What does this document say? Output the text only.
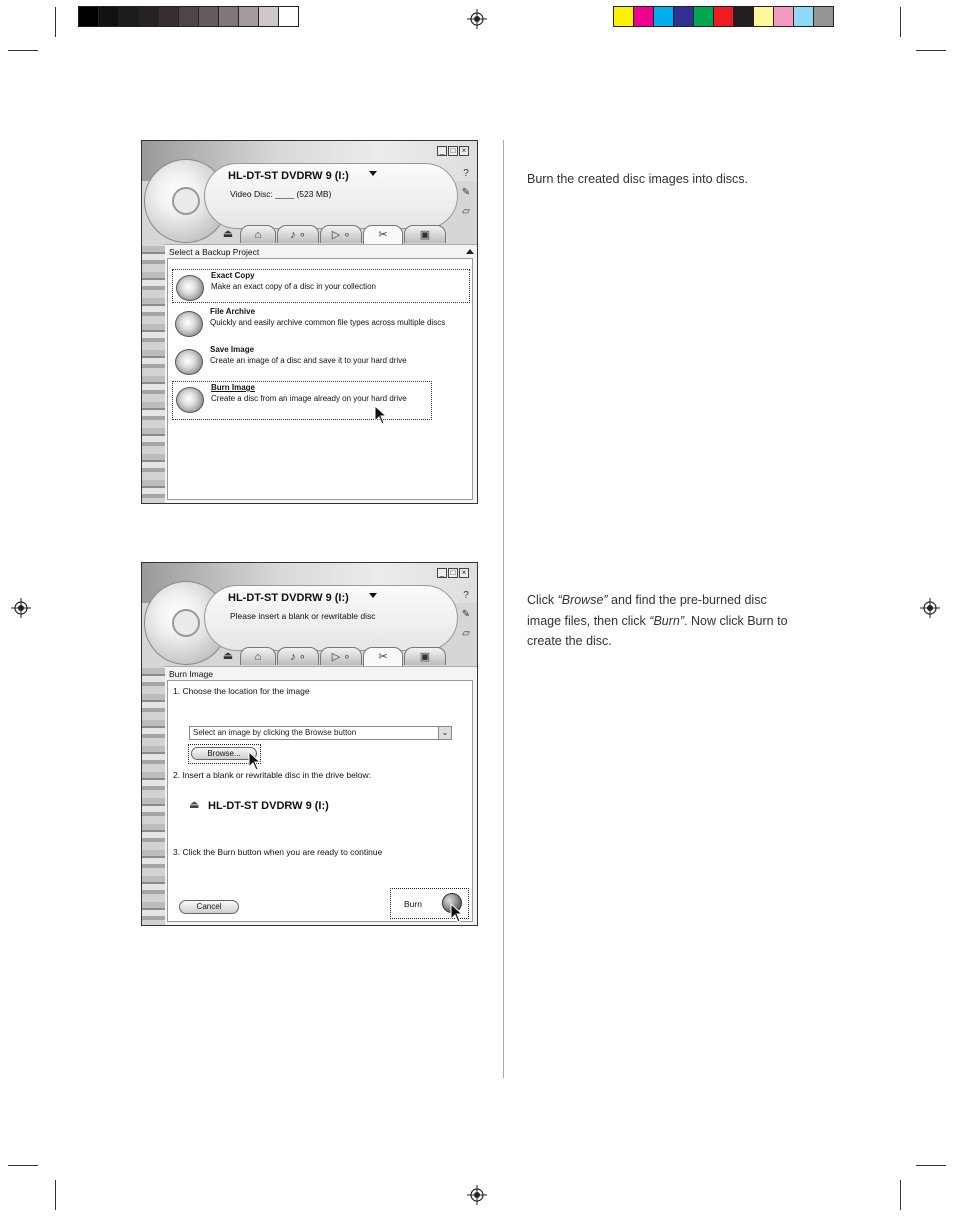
HL-DT-ST DVDRW 9 (I:)
Video Disc: ____ (523 MB)
_ □ ×
?
✎
▱
⏏	⌂	♪ ∘	▷ ∘	✂	▣
Select a Backup Project
Exact Copy
Make an exact copy of a disc in your collection
File Archive
Quickly and easily archive common file types across multiple discs
Save Image
Create an image of a disc and save it to your hard drive
Burn Image
Create a disc from an image already on your hard drive
HL-DT-ST DVDRW 9 (I:)
Please insert a blank or rewritable disc
_ □ ×
?
✎
▱
⏏	⌂	♪ ∘	▷ ∘	✂	▣
Burn Image
1. Choose the location for the image
Select an image by clicking the Browse button	⌄
Browse...
2. Insert a blank or rewritable disc in the drive below:
⏏ HL-DT-ST DVDRW 9 (I:)
3. Click the Burn button when you are ready to continue
Cancel	Burn
Burn the created disc images into discs.
Click “Browse” and find the pre-burned disc image files, then click “Burn”. Now click Burn to create the disc.
